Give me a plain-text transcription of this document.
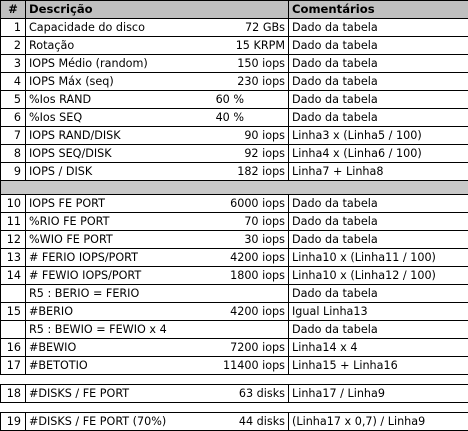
#	Descrição		Comentários
1	Capacidade do disco	72 GBs	Dado da tabela
2	Rotação	15 KRPM	Dado da tabela
3	IOPS Médio (random)	150 iops	Dado da tabela
4	IOPS Máx (seq)	230 iops	Dado da tabela
5	%Ios RAND	60 %	Dado da tabela
6	%Ios SEQ	40 %	Dado da tabela
7	IOPS RAND/DISK	90 iops	Linha3 x (Linha5 / 100)
8	IOPS SEQ/DISK	92 iops	Linha4 x (Linha6 / 100)
9	IOPS / DISK	182 iops	Linha7 + Linha8

10	IOPS FE PORT	6000 iops	Dado da tabela
11	%RIO FE PORT	70 iops	Dado da tabela
12	%WIO FE PORT	30 iops	Dado da tabela
13	# FERIO IOPS/PORT	4200 iops	Linha10 x (Linha11 / 100)
14	# FEWIO IOPS/PORT	1800 iops	Linha10 x (Linha12 / 100)
	R5 : BERIO = FERIO		Dado da tabela
15	#BERIO	4200 iops	Igual Linha13
	R5 : BEWIO = FEWIO x 4		Dado da tabela
16	#BEWIO	7200 iops	Linha14 x 4
17	#BETOTIO	11400 iops	Linha15 + Linha16

18	#DISKS / FE PORT	63 disks	Linha17 / Linha9

19	#DISKS / FE PORT (70%)	44 disks	(Linha17 x 0,7) / Linha9
